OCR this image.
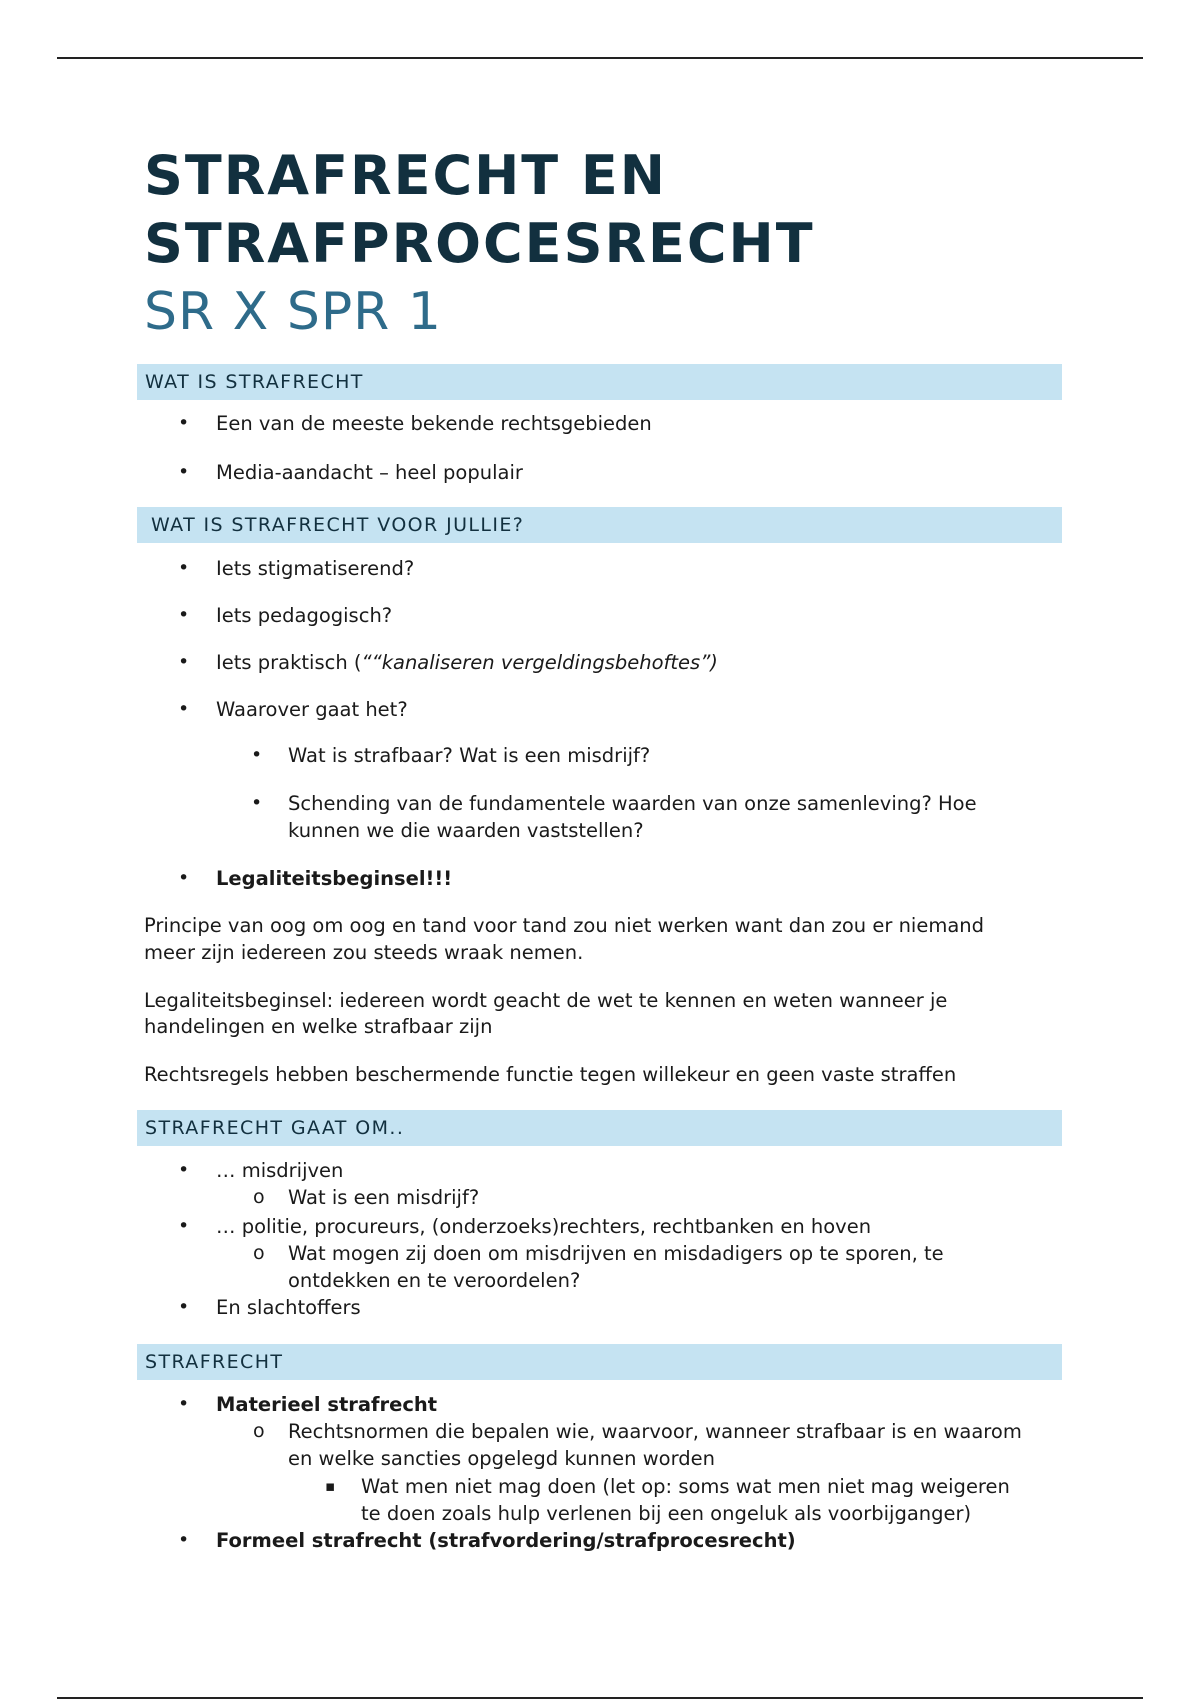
STRAFRECHT EN
STRAFPROCESRECHT
SR X SPR 1
WAT IS STRAFRECHT
• Een van de meeste bekende rechtsgebieden
• Media-aandacht – heel populair
WAT IS STRAFRECHT VOOR JULLIE?
• Iets stigmatiserend?
• Iets pedagogisch?
• Iets praktisch (““kanaliseren vergeldingsbehoftes”)
• Waarover gaat het?
• Wat is strafbaar? Wat is een misdrijf?
• Schending van de fundamentele waarden van onze samenleving? Hoe
kunnen we die waarden vaststellen?
• Legaliteitsbeginsel!!!
Principe van oog om oog en tand voor tand zou niet werken want dan zou er niemand
meer zijn iedereen zou steeds wraak nemen.
Legaliteitsbeginsel: iedereen wordt geacht de wet te kennen en weten wanneer je
handelingen en welke strafbaar zijn
Rechtsregels hebben beschermende functie tegen willekeur en geen vaste straffen
STRAFRECHT GAAT OM..
• … misdrijven
o Wat is een misdrijf?
• … politie, procureurs, (onderzoeks)rechters, rechtbanken en hoven
o Wat mogen zij doen om misdrijven en misdadigers op te sporen, te
ontdekken en te veroordelen?
• En slachtoffers
STRAFRECHT
• Materieel strafrecht
o Rechtsnormen die bepalen wie, waarvoor, wanneer strafbaar is en waarom
en welke sancties opgelegd kunnen worden
▪ Wat men niet mag doen (let op: soms wat men niet mag weigeren
te doen zoals hulp verlenen bij een ongeluk als voorbijganger)
• Formeel strafrecht (strafvordering/strafprocesrecht)
